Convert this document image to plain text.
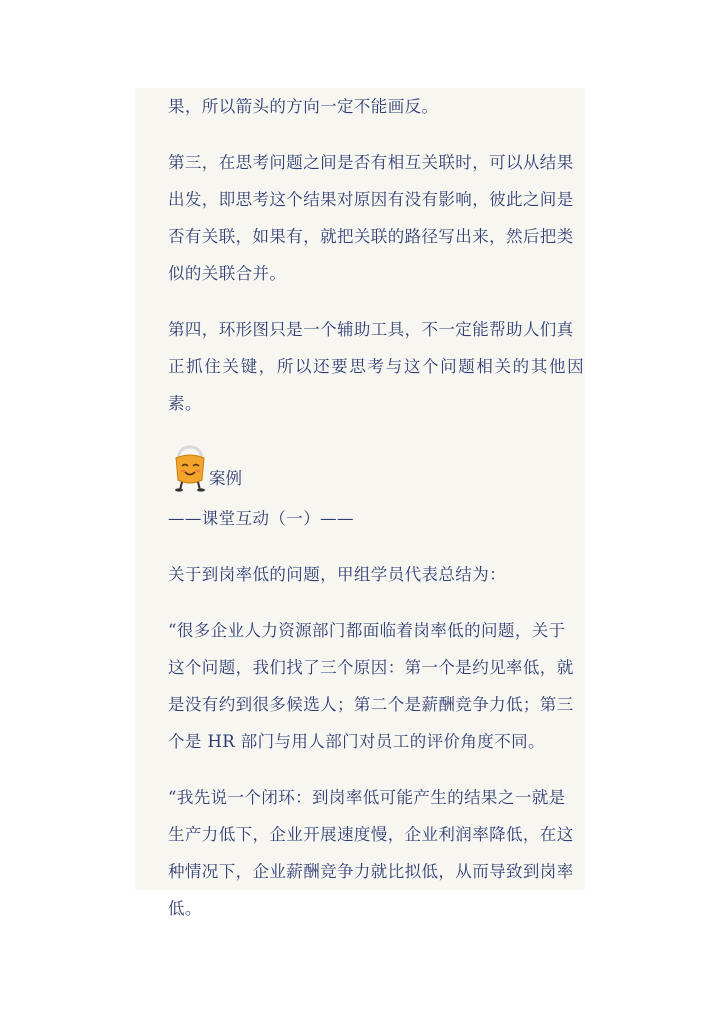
果，所以箭头的方向一定不能画反。

第三，在思考问题之间是否有相互关联时，可以从结果
出发，即思考这个结果对原因有没有影响，彼此之间是
否有关联，如果有，就把关联的路径写出来，然后把类
似的关联合并。

第四，环形图只是一个辅助工具，不一定能帮助人们真
正抓住关键，所以还要思考与这个问题相关的其他因素。

案例

——课堂互动（一）——

关于到岗率低的问题，甲组学员代表总结为：

“很多企业人力资源部门都面临着岗率低的问题，关于
这个问题，我们找了三个原因：第一个是约见率低，就
是没有约到很多候选人；第二个是薪酬竞争力低；第三
个是 HR 部门与用人部门对员工的评价角度不同。

“我先说一个闭环：到岗率低可能产生的结果之一就是
生产力低下，企业开展速度慢，企业利润率降低，在这
种情况下，企业薪酬竞争力就比拟低，从而导致到岗率
低。
